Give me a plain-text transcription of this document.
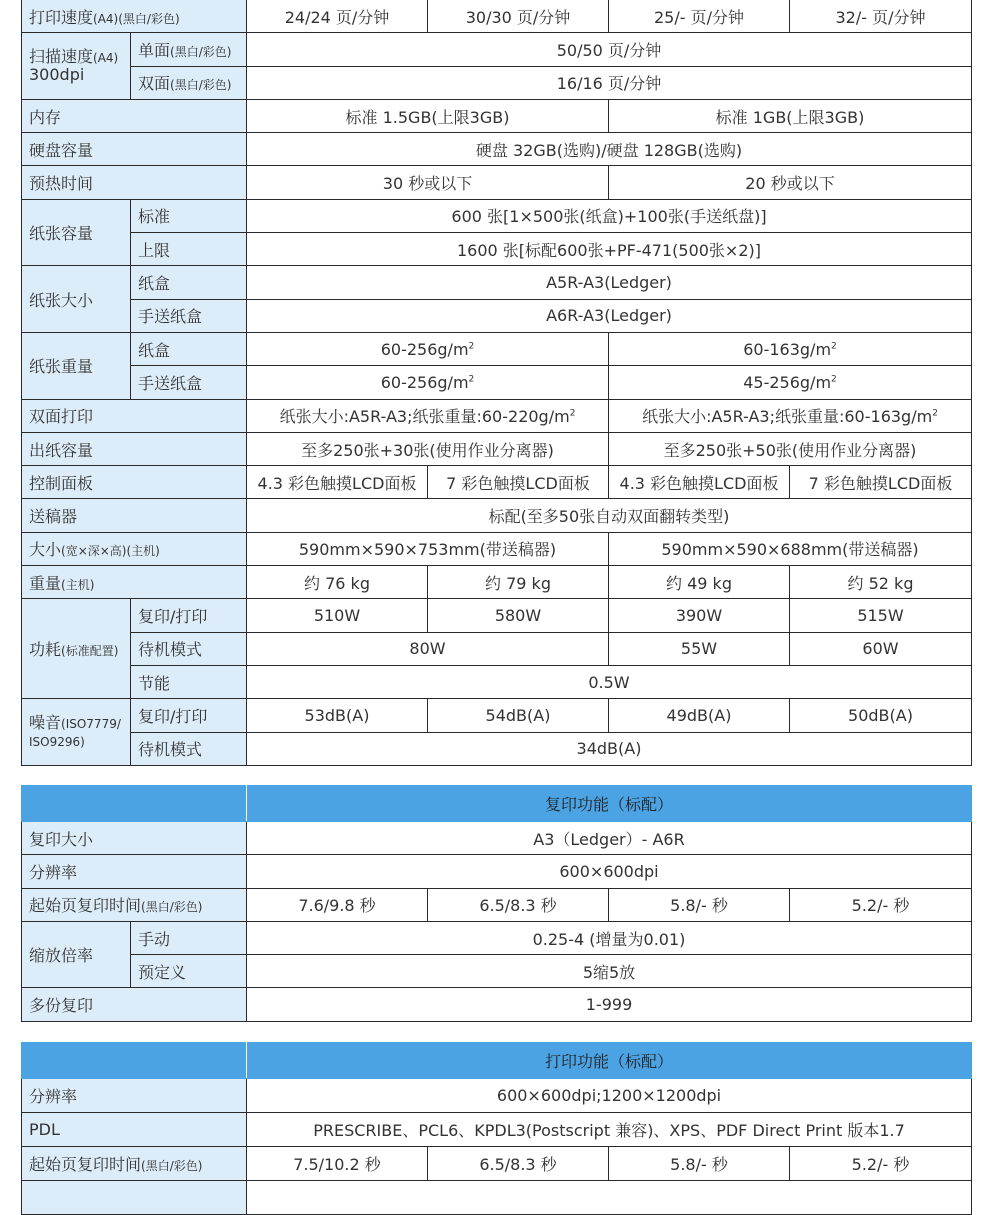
打印速度(A4)(黑白/彩色)		24/24 页/分钟	30/30 页/分钟	25/- 页/分钟	32/- 页/分钟
扫描速度(A4)
300dpi	单面(黑白/彩色)	50/50 页/分钟			
	双面(黑白/彩色)	16/16 页/分钟			
内存		标准 1.5GB(上限3GB)		标准 1GB(上限3GB)	
硬盘容量		硬盘 32GB(选购)/硬盘 128GB(选购)			
预热时间		30 秒或以下		20 秒或以下	
纸张容量	标准	600 张[1×500张(纸盒)+100张(手送纸盘)]			
	上限	1600 张[标配600张+PF-471(500张×2)]			
纸张大小	纸盒	A5R-A3(Ledger)			
	手送纸盒	A6R-A3(Ledger)			
纸张重量	纸盒	$60-256g/m^2$		$60-163g/m^2$
	手送纸盒	$60-256g/m^2$		$45-256g/m^2$
双面打印		纸张大小:A5R-A3;纸张重量$:60-220g/m^2$		纸张大小:A5R-A3;纸张重量$:60-163g/m^2$
出纸容量		至多250张+30张(使用作业分离器)		至多250张+50张(使用作业分离器)	
控制面板		4.3 彩色触摸LCD面板	7 彩色触摸LCD面板	4.3 彩色触摸LCD面板	7 彩色触摸LCD面板
送稿器		标配(至多50张自动双面翻转类型)			
大小(宽×深×高)(主机)		590mm×590×753mm(带送稿器)		590mm×590×688mm(带送稿器)	
重量(主机)		约 76 kg	约 79 kg	约 49 kg	约 52 kg
功耗(标准配置)	复印/打印	510W	580W	390W	515W
	待机模式	80W		55W	60W
	节能	0.5W			
噪音(ISO7779/
ISO9296)	复印/打印	53dB(A)	54dB(A)	49dB(A)	50dB(A)
	待机模式	34dB(A)			
		复印功能（标配）			
复印大小		A3（Ledger）- A6R			
分辨率		600×600dpi			
起始页复印时间(黑白/彩色)		7.6/9.8 秒	6.5/8.3 秒	5.8/- 秒	5.2/- 秒
缩放倍率	手动	0.25-4 (增量为0.01)			
	预定义	5缩5放			
多份复印		1-999			
	打印功能（标配）			
分辨率	600×600dpi;1200×1200dpi			
PDL	PRESCRIBE、PCL6、KPDL3(Postscript 兼容)、XPS、PDF Direct Print 版本1.7			
起始页复印时间(黑白/彩色)	7.5/10.2 秒	6.5/8.3 秒	5.8/- 秒	5.2/- 秒
